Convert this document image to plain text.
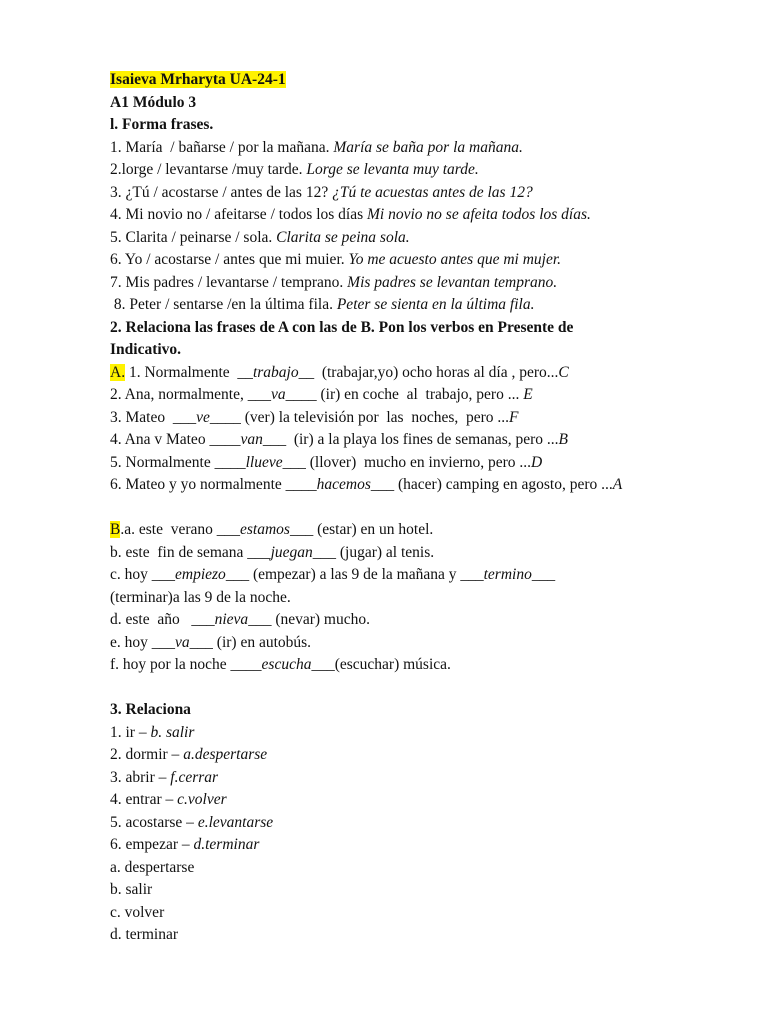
Isaieva Mrharyta UA-24-1
A1 Módulo 3
l. Forma frases.
1. María  / bañarse / por la mañana. María se baña por la mañana.
2.lorge / levantarse /muy tarde. Lorge se levanta muy tarde.
3. ¿Tú / acostarse / antes de las 12? ¿Tú te acuestas antes de las 12?
4. Mi novio no / afeitarse / todos los días Mi novio no se afeita todos los días.
5. Clarita / peinarse / sola. Clarita se peina sola.
6. Yo / acostarse / antes que mi muier. Yo me acuesto antes que mi mujer.
7. Mis padres / levantarse / temprano. Mis padres se levantan temprano.
8. Peter / sentarse /en la última fila. Peter se sienta en la última fila.
2. Relaciona las frases de A con las de B. Pon los verbos en Presente de
Indicativo.
A. 1. Normalmente  __trabajo__  (trabajar,yo) ocho horas al día , pero...C
2. Ana, normalmente, ___va____ (ir) en coche  al  trabajo, pero ... E
3. Mateo  ___ve____ (ver) la televisión por  las  noches,  pero ...F
4. Ana v Mateo ____van___  (ir) a la playa los fines de semanas, pero ...B
5. Normalmente ____llueve___ (llover)  mucho en invierno, pero ...D
6. Mateo y yo normalmente ____hacemos___ (hacer) camping en agosto, pero ...A
B.a. este  verano ___estamos___ (estar) en un hotel.
b. este  fin de semana ___juegan___ (jugar) al tenis.
c. hoy ___empiezo___ (empezar) a las 9 de la mañana y ___termino___
(terminar)a las 9 de la noche.
d. este  año   ___nieva___ (nevar) mucho.
e. hoy ___va___ (ir) en autobús.
f. hoy por la noche ____escucha___(escuchar) música.
3. Relaciona
1. ir – b. salir
2. dormir – a.despertarse
3. abrir – f.cerrar
4. entrar – c.volver
5. acostarse – e.levantarse
6. empezar – d.terminar
a. despertarse
b. salir
c. volver
d. terminar
